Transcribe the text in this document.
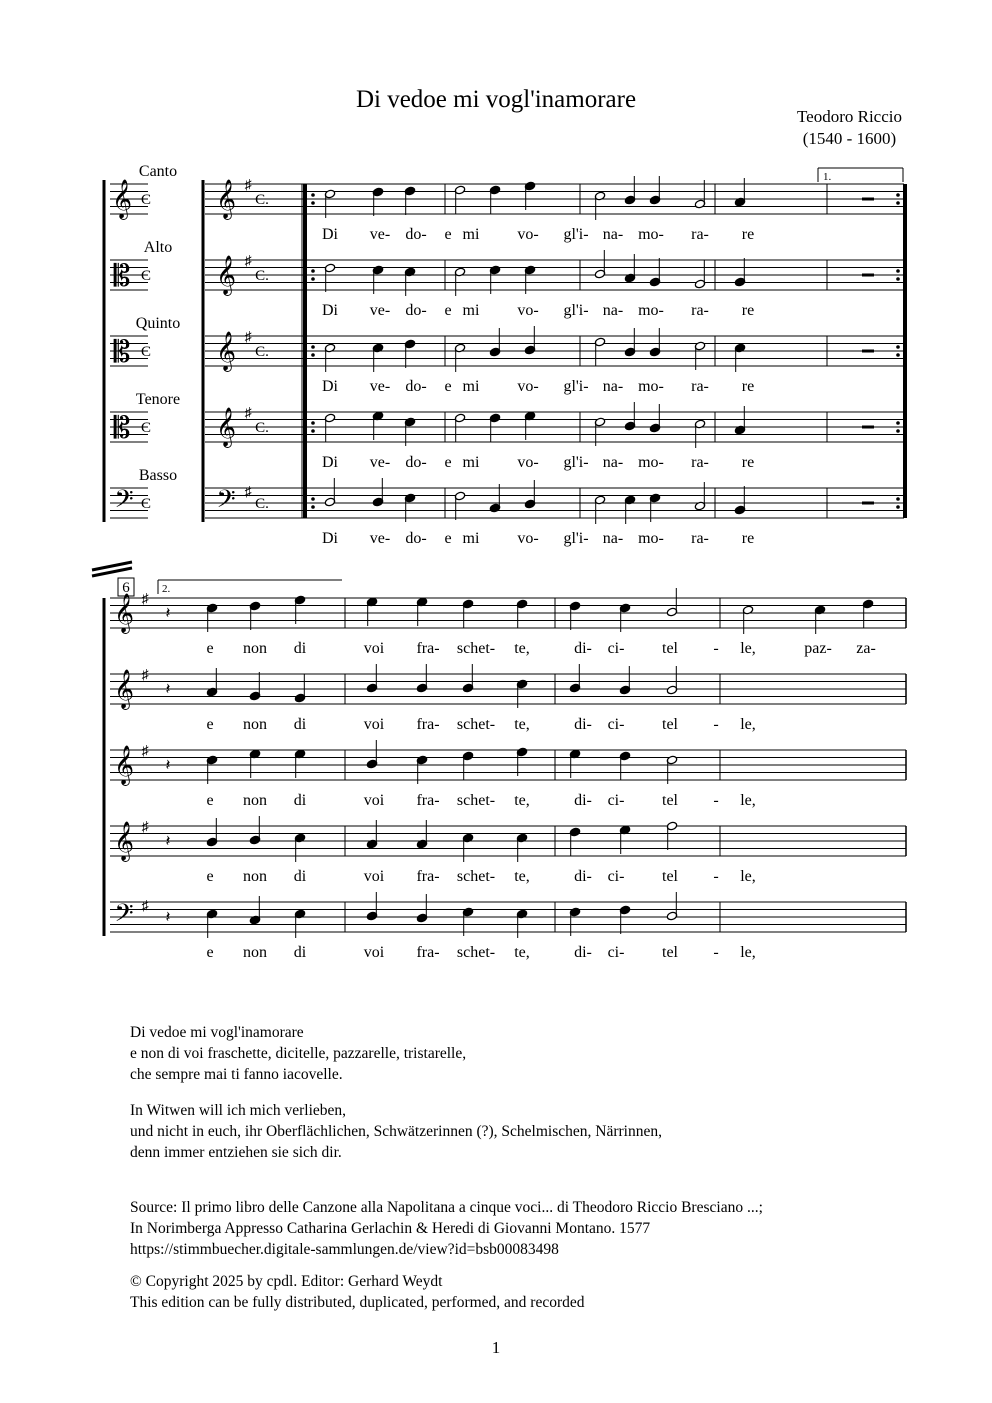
Di vedoe mi vogl'inamorare
Teodoro Riccio
(1540 - 1600)
𝄞 C 𝄞 ♯
C.
𝄡 C 𝄞 ♯
C.
𝄡 C 𝄞 ♯
C.
𝄡 C 𝄞 ♯
C.
𝄢 C 𝄢 ♯
C.
𝄞 ♯
𝄽
𝄞 ♯
𝄽
𝄞 ♯
𝄽
𝄞 ♯
𝄽
𝄢 ♯
𝄽
Canto
Alto
Quinto
Tenore
Basso
1.
Di ve- do- e mi vo- gl'i- na- mo- ra- re
Di ve- do- e mi vo- gl'i- na- mo- ra- re
Di ve- do- e mi vo- gl'i- na- mo- ra- re
Di ve- do- e mi vo- gl'i- na- mo- ra- re
Di ve- do- e mi vo- gl'i- na- mo- ra- re
6	2.
e non di	voi fra- schet- te,	di- ci- tel - le,	paz- za-
e non di	voi fra- schet- te,	di- ci- tel - le,
e non di	voi fra- schet- te,	di- ci- tel - le,
e non di	voi fra- schet- te,	di- ci- tel - le,
e non di	voi fra- schet- te,	di- ci- tel - le,
Di vedoe mi vogl'inamorare
e non di voi fraschette, dicitelle, pazzarelle, tristarelle,
che sempre mai ti fanno iacovelle.
In Witwen will ich mich verlieben,
und nicht in euch, ihr Oberflächlichen, Schwätzerinnen (?), Schelmischen, Närrinnen,
denn immer entziehen sie sich dir.
Source: Il primo libro delle Canzone alla Napolitana a cinque voci... di Theodoro Riccio Bresciano ...;
In Norimberga Appresso Catharina Gerlachin & Heredi di Giovanni Montano. 1577
https://stimmbuecher.digitale-sammlungen.de/view?id=bsb00083498
© Copyright 2025 by cpdl. Editor: Gerhard Weydt
This edition can be fully distributed, duplicated, performed, and recorded
1
